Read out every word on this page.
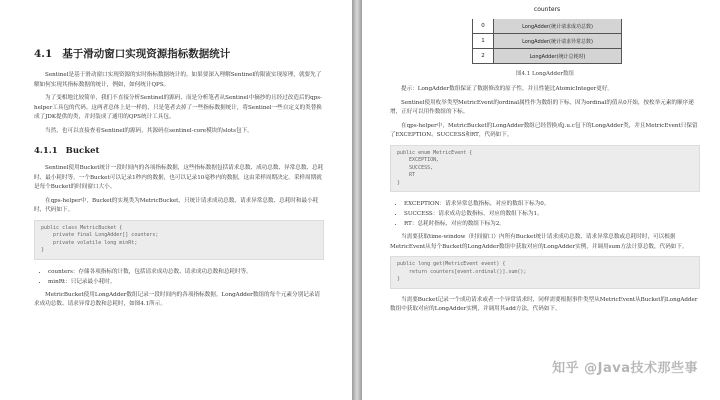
4.1 基于滑动窗口实现资源指标数据统计

Sentinel是基于滑动窗口实现资源的实时指标数据统计的。如果要深入理解Sentinel的限流实现原理，就要先了解如何实现其指标数据的统计，例如，如何统计QPS。

为了变相地比较简单，我们不直接分析Sentinel的源码，而是分析笔者从Sentinel中摘抄的且经过改造后的qps-helper工具包的代码。这两者总体上是一样的，只是笔者去掉了一些指标数据统计，将Sentinel一些自定义的类替换成了JDK提供的类，并封装成了通用的QPS统计工具包。

当然，也可以直接查看Sentinel的源码，其源码在sentinel-core模块的slots包下。

4.1.1 Bucket

Sentinel使用Bucket统计一段时间内的各项指标数据，这些指标数据包括请求总数、成功总数、异常总数、总耗时、最小耗时等。一个Bucket可以记录1秒内的数据，也可以记录10毫秒内的数据，这由采样周期决定。采样周期就是每个Bucket的时间窗口大小。

在qps-helper中，Bucket的实现类为MetricBucket，只统计请求成功总数、请求异常总数、总耗时和最小耗时，代码如下。

public class MetricBucket {
private final LongAdder[] counters;
private volatile long minRt;
}
• counters：存储各项指标的计数，包括请求成功总数、请求成功总数和总耗时等。
• minRt：只记录最小耗时。

MetricBucket使用LongAdder数组记录一段时间内的各项指标数据。LongAdder数组的每个元素分别记录请求成功总数、请求异常总数和总耗时，如图4.1所示。

counters
0	LongAdder(统计请求成功总数)
1	LongAdder(统计请求异常总数)
2	LongAdder(统计总耗时)
图4.1 LongAdder数组

提示：LongAdder数组保证了数据修改的原子性，并且性能比AtomicInteger更好。

Sentinel使用枚举类型MetricEvent的ordinal属性作为数组的下标，因为ordinal的值从0开始，按枚举元素的顺序递增，正好可以用作数组的下标。

在qps-helper中，MetricBucket的LongAdder数组已经替换成j.u.c包下的LongAdder类，并且MetricEvent只保留了EXCEPTION、SUCCESS和RT，代码如下。

public enum MetricEvent {
EXCEPTION,
SUCCESS,
RT
}
• EXCEPTION：请求异常总数指标，对应的数组下标为0。
• SUCCESS：请求成功总数指标，对应的数组下标为1。
• RT：总耗时指标，对应的数组下标为2。

当需要获取time-window（时间窗口）内所有Bucket统计请求成功总数、请求异常总数或总耗时时，可以根据MetricEvent从每个Bucket的LongAdder数组中获取对应的LongAdder实例，并调用sum方法计算总数，代码如下。

public long get(MetricEvent event) {
return counters[event.ordinal()].sum();
}

当需要Bucket记录一个成功请求或者一个异常请求时，同样需要根据事件类型从MetricEvent从Bucket的LongAdder数组中获取对应的LongAdder实例，并调用其add方法，代码如下。

知乎 @Java技术那些事
